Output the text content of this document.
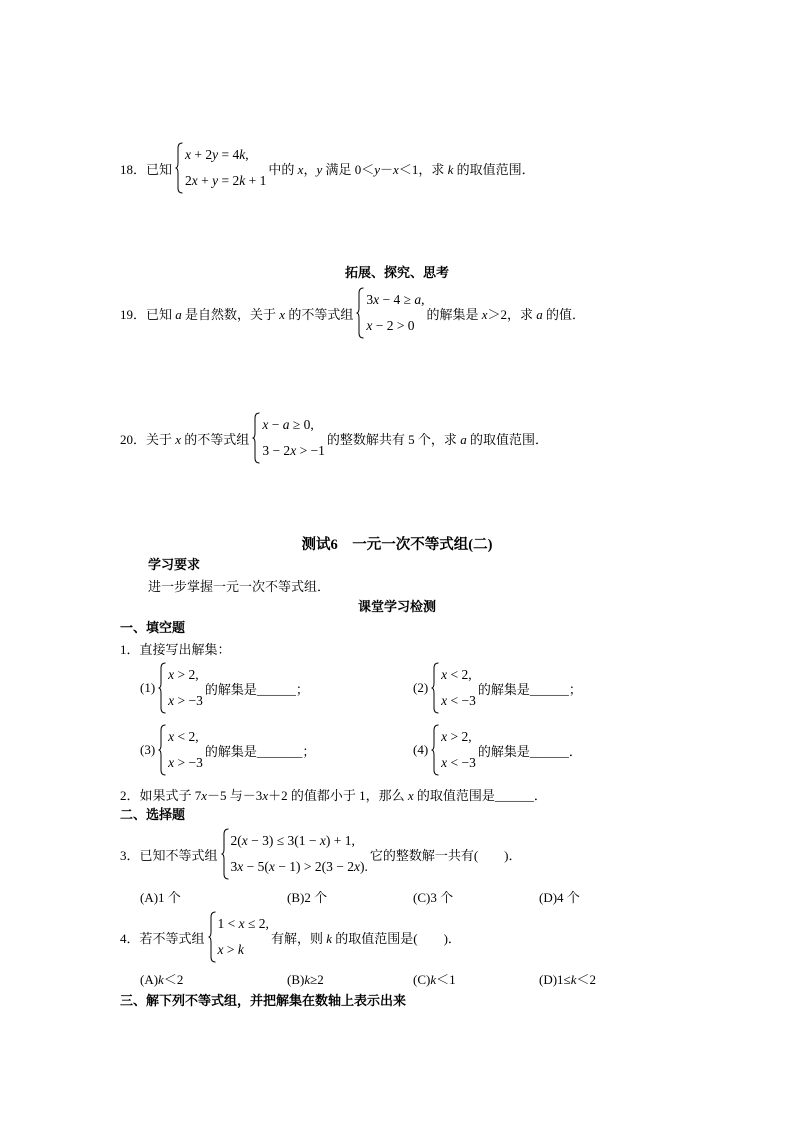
18．已知
x + 2y = 4k,
2x + y = 2k + 1
中的 x，y 满足 0＜y－x＜1，求 k 的取值范围．
拓展、探究、思考
19．已知 a 是自然数，关于 x 的不等式组
3x − 4 ≥ a,
x − 2 > 0
的解集是 x＞2，求 a 的值．
20．关于 x 的不等式组
x − a ≥ 0,
3 − 2x > −1
的整数解共有 5 个，求 a 的取值范围．
测试6　一元一次不等式组(二)
学习要求
进一步掌握一元一次不等式组．
课堂学习检测
一、填空题
1．直接写出解集：
(1)
x > 2,
x > −3
的解集是______；	(2)
x < 2,
x < −3
的解集是______；
(3)
x < 2,
x > −3
的解集是_______；	(4)
x > 2,
x < −3
的解集是______．
2．如果式子 7x－5 与－3x＋2 的值都小于 1，那么 x 的取值范围是______．
二、选择题
3．已知不等式组
2(x − 3) ≤ 3(1 − x) + 1,
3x − 5(x − 1) > 2(3 − 2x).
它的整数解一共有(　　)．
(A)1 个	(B)2 个	(C)3 个	(D)4 个
4．若不等式组
1 < x ≤ 2,
x > k
有解，则 k 的取值范围是(　　)．
(A)k＜2	(B)k≥2	(C)k＜1	(D)1≤k＜2
三、解下列不等式组，并把解集在数轴上表示出来
